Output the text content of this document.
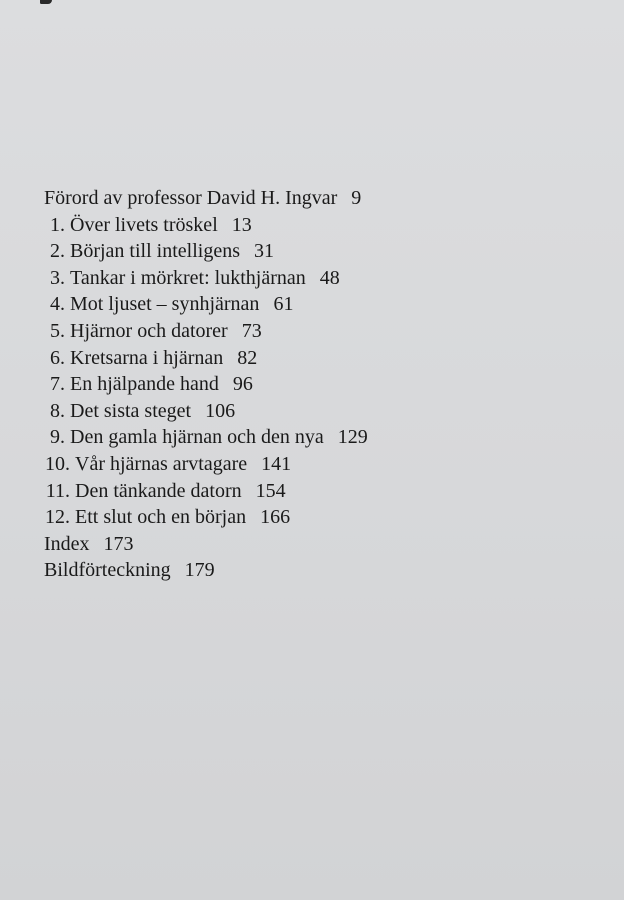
Förord av professor David H. Ingvar 9
1. Över livets tröskel 13
2. Början till intelligens 31
3. Tankar i mörkret: lukthjärnan 48
4. Mot ljuset – synhjärnan 61
5. Hjärnor och datorer 73
6. Kretsarna i hjärnan 82
7. En hjälpande hand 96
8. Det sista steget 106
9. Den gamla hjärnan och den nya 129
10. Vår hjärnas arvtagare 141
11. Den tänkande datorn 154
12. Ett slut och en början 166
Index 173
Bildförteckning 179
